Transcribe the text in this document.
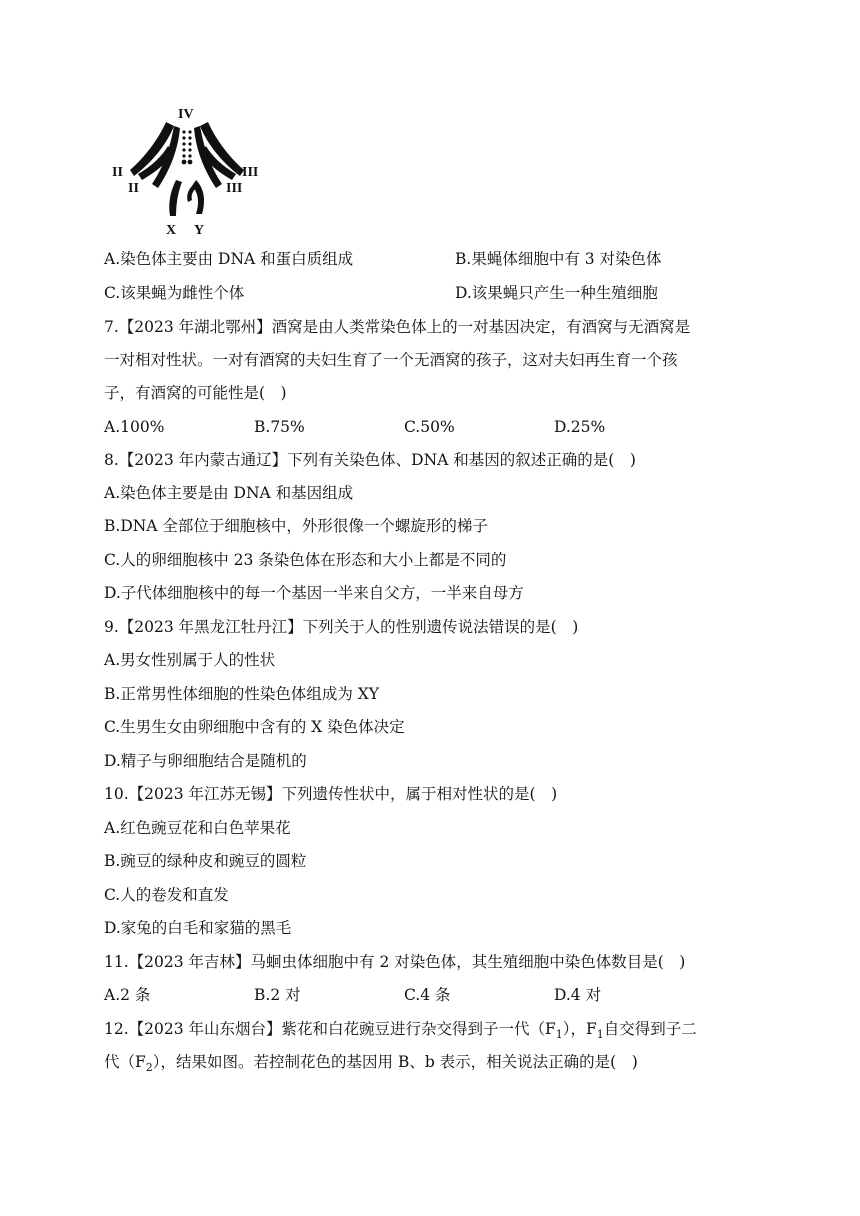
IV
II
II
III
III
X Y
A.染色体主要由 DNA 和蛋白质组成	B.果蝇体细胞中有 3 对染色体
C.该果蝇为雌性个体	D.该果蝇只产生一种生殖细胞
7.【2023 年湖北鄂州】酒窝是由人类常染色体上的一对基因决定，有酒窝与无酒窝是
一对相对性状。一对有酒窝的夫妇生育了一个无酒窝的孩子，这对夫妇再生育一个孩
子，有酒窝的可能性是(　)
A.100%	B.75%	C.50%	D.25%
8.【2023 年内蒙古通辽】下列有关染色体、DNA 和基因的叙述正确的是(　)
A.染色体主要是由 DNA 和基因组成
B.DNA 全部位于细胞核中，外形很像一个螺旋形的梯子
C.人的卵细胞核中 23 条染色体在形态和大小上都是不同的
D.子代体细胞核中的每一个基因一半来自父方，一半来自母方
9.【2023 年黑龙江牡丹江】下列关于人的性别遗传说法错误的是(　)
A.男女性别属于人的性状
B.正常男性体细胞的性染色体组成为 XY
C.生男生女由卵细胞中含有的 X 染色体决定
D.精子与卵细胞结合是随机的
10.【2023 年江苏无锡】下列遗传性状中，属于相对性状的是(　)
A.红色豌豆花和白色苹果花
B.豌豆的绿种皮和豌豆的圆粒
C.人的卷发和直发
D.家兔的白毛和家猫的黑毛
11.【2023 年吉林】马蛔虫体细胞中有 2 对染色体，其生殖细胞中染色体数目是(　)
A.2 条	B.2 对	C.4 条	D.4 对
12.【2023 年山东烟台】紫花和白花豌豆进行杂交得到子一代$(F_1)$，$F_1$自交得到子二
代$(F_2)$，结果如图。若控制花色的基因用 B、b 表示，相关说法正确的是(　)
